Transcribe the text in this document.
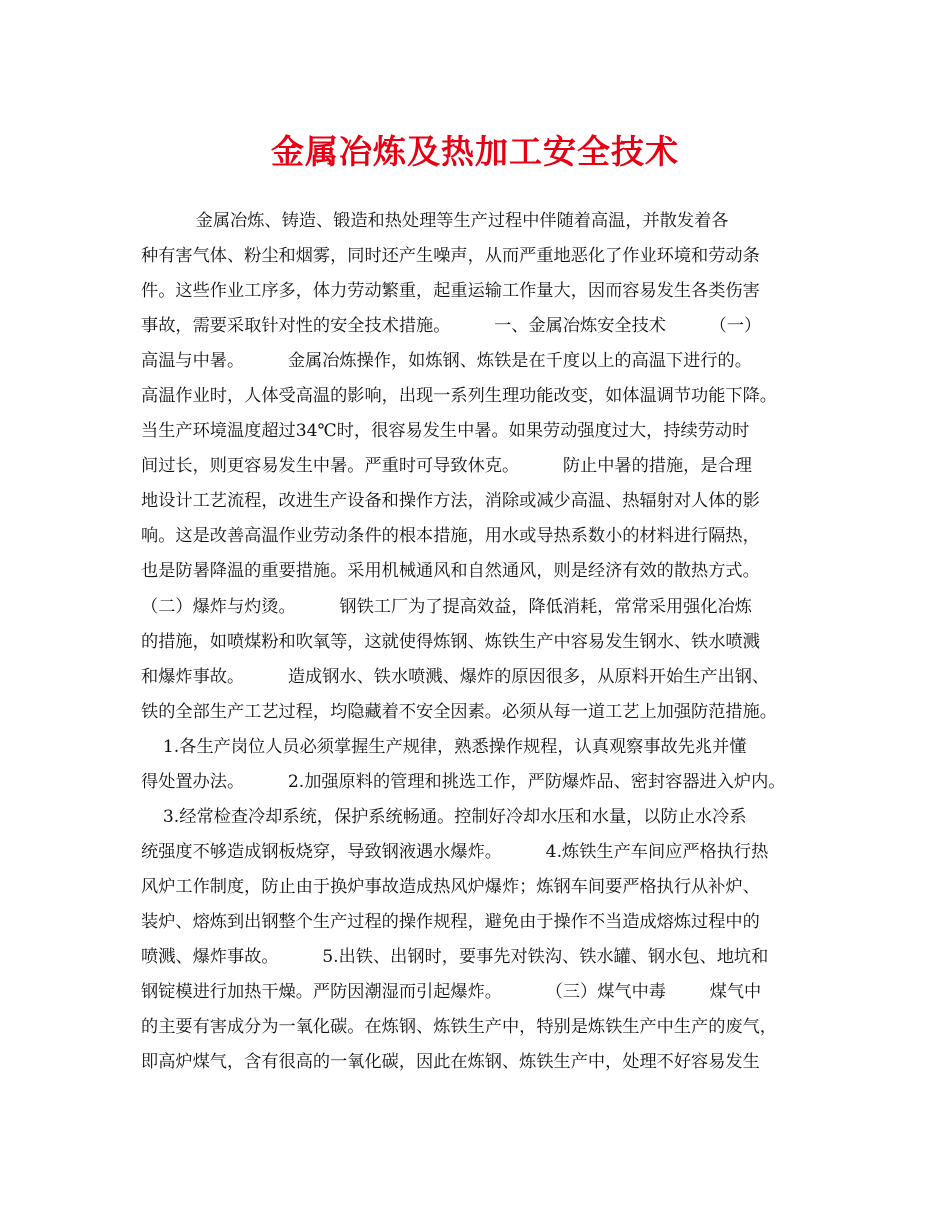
金属冶炼及热加工安全技术
金属冶炼、铸造、锻造和热处理等生产过程中伴随着高温，并散发着各
种有害气体、粉尘和烟雾，同时还产生噪声，从而严重地恶化了作业环境和劳动条
件。这些作业工序多，体力劳动繁重，起重运输工作量大，因而容易发生各类伤害
事故，需要采取针对性的安全技术措施。        一、金属冶炼安全技术        （一）
高温与中暑。        金属冶炼操作，如炼钢、炼铁是在千度以上的高温下进行的。
高温作业时，人体受高温的影响，出现一系列生理功能改变，如体温调节功能下降。
当生产环境温度超过34℃时，很容易发生中暑。如果劳动强度过大，持续劳动时
间过长，则更容易发生中暑。严重时可导致休克。        防止中暑的措施，是合理
地设计工艺流程，改进生产设备和操作方法，消除或减少高温、热辐射对人体的影
响。这是改善高温作业劳动条件的根本措施，用水或导热系数小的材料进行隔热，
也是防暑降温的重要措施。采用机械通风和自然通风，则是经济有效的散热方式。
（二）爆炸与灼烫。        钢铁工厂为了提高效益，降低消耗，常常采用强化冶炼
的措施，如喷煤粉和吹氧等，这就使得炼钢、炼铁生产中容易发生钢水、铁水喷溅
和爆炸事故。        造成钢水、铁水喷溅、爆炸的原因很多，从原料开始生产出钢、
铁的全部生产工艺过程，均隐藏着不安全因素。必须从每一道工艺上加强防范措施。
1.各生产岗位人员必须掌握生产规律，熟悉操作规程，认真观察事故先兆并懂
得处置办法。        2.加强原料的管理和挑选工作，严防爆炸品、密封容器进入炉内。
3.经常检查冷却系统，保护系统畅通。控制好冷却水压和水量，以防止水冷系
统强度不够造成钢板烧穿，导致钢液遇水爆炸。        4.炼铁生产车间应严格执行热
风炉工作制度，防止由于换炉事故造成热风炉爆炸；炼钢车间要严格执行从补炉、
装炉、熔炼到出钢整个生产过程的操作规程，避免由于操作不当造成熔炼过程中的
喷溅、爆炸事故。        5.出铁、出钢时，要事先对铁沟、铁水罐、钢水包、地坑和
钢锭模进行加热干燥。严防因潮湿而引起爆炸。        （三）煤气中毒        煤气中
的主要有害成分为一氧化碳。在炼钢、炼铁生产中，特别是炼铁生产中生产的废气，
即高炉煤气，含有很高的一氧化碳，因此在炼钢、炼铁生产中，处理不好容易发生
